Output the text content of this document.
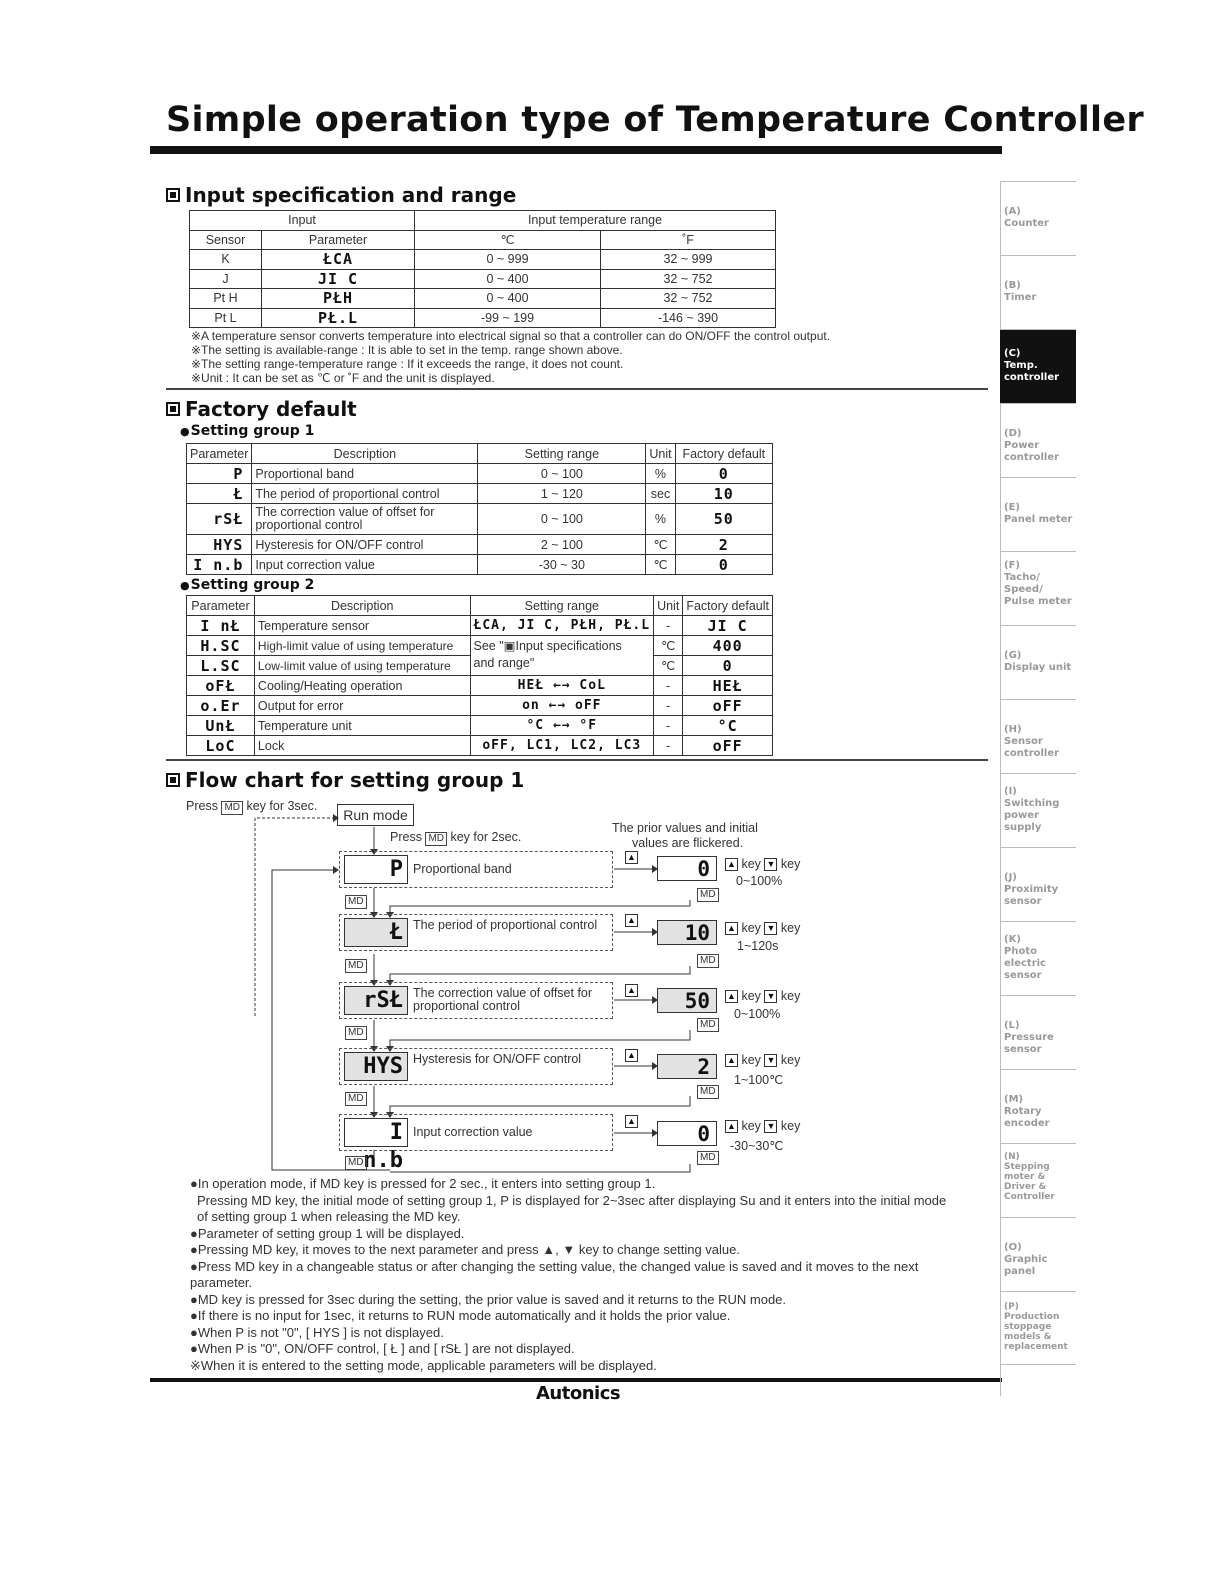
Simple operation type of Temperature Controller
Input specification and range
Input		Input temperature range	
Sensor	Parameter	℃	˚F
K	ŁCA	0 ~ 999	32 ~ 999
J	JI C	0 ~ 400	32 ~ 752
Pt H	PŁH	0 ~ 400	32 ~ 752
Pt L	PŁ.L	-99 ~ 199	-146 ~ 390
※A temperature sensor converts temperature into electrical signal so that a controller can do ON/OFF the control output.
※The setting is available-range : It is able to set in the temp. range shown above.
※The setting range-temperature range : If it exceeds the range, it does not count.
※Unit : It can be set as ℃ or ˚F and the unit is displayed.
Factory default
● Setting group 1
Parameter	Description	Setting range	Unit	Factory default
P	Proportional band	0 ~ 100	%	0
Ł	The period of proportional control	1 ~ 120	sec	10
rSŁ	The correction value of offset for proportional control	0 ~ 100	%	50
HYS	Hysteresis for ON/OFF control	2 ~ 100	℃	2
I n.b	Input correction value	-30 ~ 30	℃	0
● Setting group 2
Parameter	Description	Setting range	Unit	Factory default
I nŁ	Temperature sensor	ŁCA, JI C, PŁH, PŁ.L	-	JI C
H.SC	High-limit value of using temperature	See "▣Input specifications	℃	400
L.SC	Low-limit value of using temperature	and range"	℃	0
oFŁ	Cooling/Heating operation	HEŁ ←→ CoL	-	HEŁ
o.Er	Output for error	on ←→ oFF	-	oFF
UnŁ	Temperature unit	°C ←→ °F	-	°C
LoC	Lock	oFF, LC1, LC2, LC3	-	oFF
Flow chart for setting group 1
Press MD key for 3sec.
Run mode
Press MD key for 2sec.
The prior values and initial
values are flickered.
P Proportional band
▲	0
MD
▲ key ▼ key
0~100%
MD
Ł The period of proportional control	▲
10
MD
▲ key ▼ key
1~120s
MD
rSŁ The correction value of offset for proportional control
▲	50
MD
▲ key ▼ key
0~100%
MD
HYS Hysteresis for ON/OFF control	▲	2
MD
▲ key ▼ key
1~100℃
MD
I n.b
Input correction value
▲
0
MD
▲ key ▼ key
-30~30℃
MD

●In operation mode, if MD key is pressed for 2 sec., it enters into setting group 1.

Pressing MD key, the initial mode of setting group 1, P is displayed for 2~3sec after displaying Su and it enters into the initial mode of setting group 1 when releasing the MD key.

●Parameter of setting group 1 will be displayed.

●Pressing MD key, it moves to the next parameter and press ▲, ▼ key to change setting value.

●Press MD key in a changeable status or after changing the setting value, the changed value is saved and it moves to the next parameter.

●MD key is pressed for 3sec during the setting, the prior value is saved and it returns to the RUN mode.

●If there is no input for 1sec, it returns to RUN mode automatically and it holds the prior value.

●When P is not "0", [ HYS ] is not displayed.

●When P is "0", ON/OFF control, [ Ł ] and [ rSŁ ] are not displayed.

※When it is entered to the setting mode, applicable parameters will be displayed.

Autonics
(A)
Counter
(B)
Timer
(C)
Temp. controller
(D)
Power controller
(E)
Panel meter
(F)
Tacho/ Speed/ Pulse meter
(G)
Display unit
(H)
Sensor controller
(I)
Switching power supply
(J)
Proximity sensor
(K)
Photo electric sensor
(L)
Pressure sensor
(M)
Rotary encoder
(N)
Stepping moter & Driver & Controller
(O)
Graphic panel
(P)
Production stoppage models & replacement
